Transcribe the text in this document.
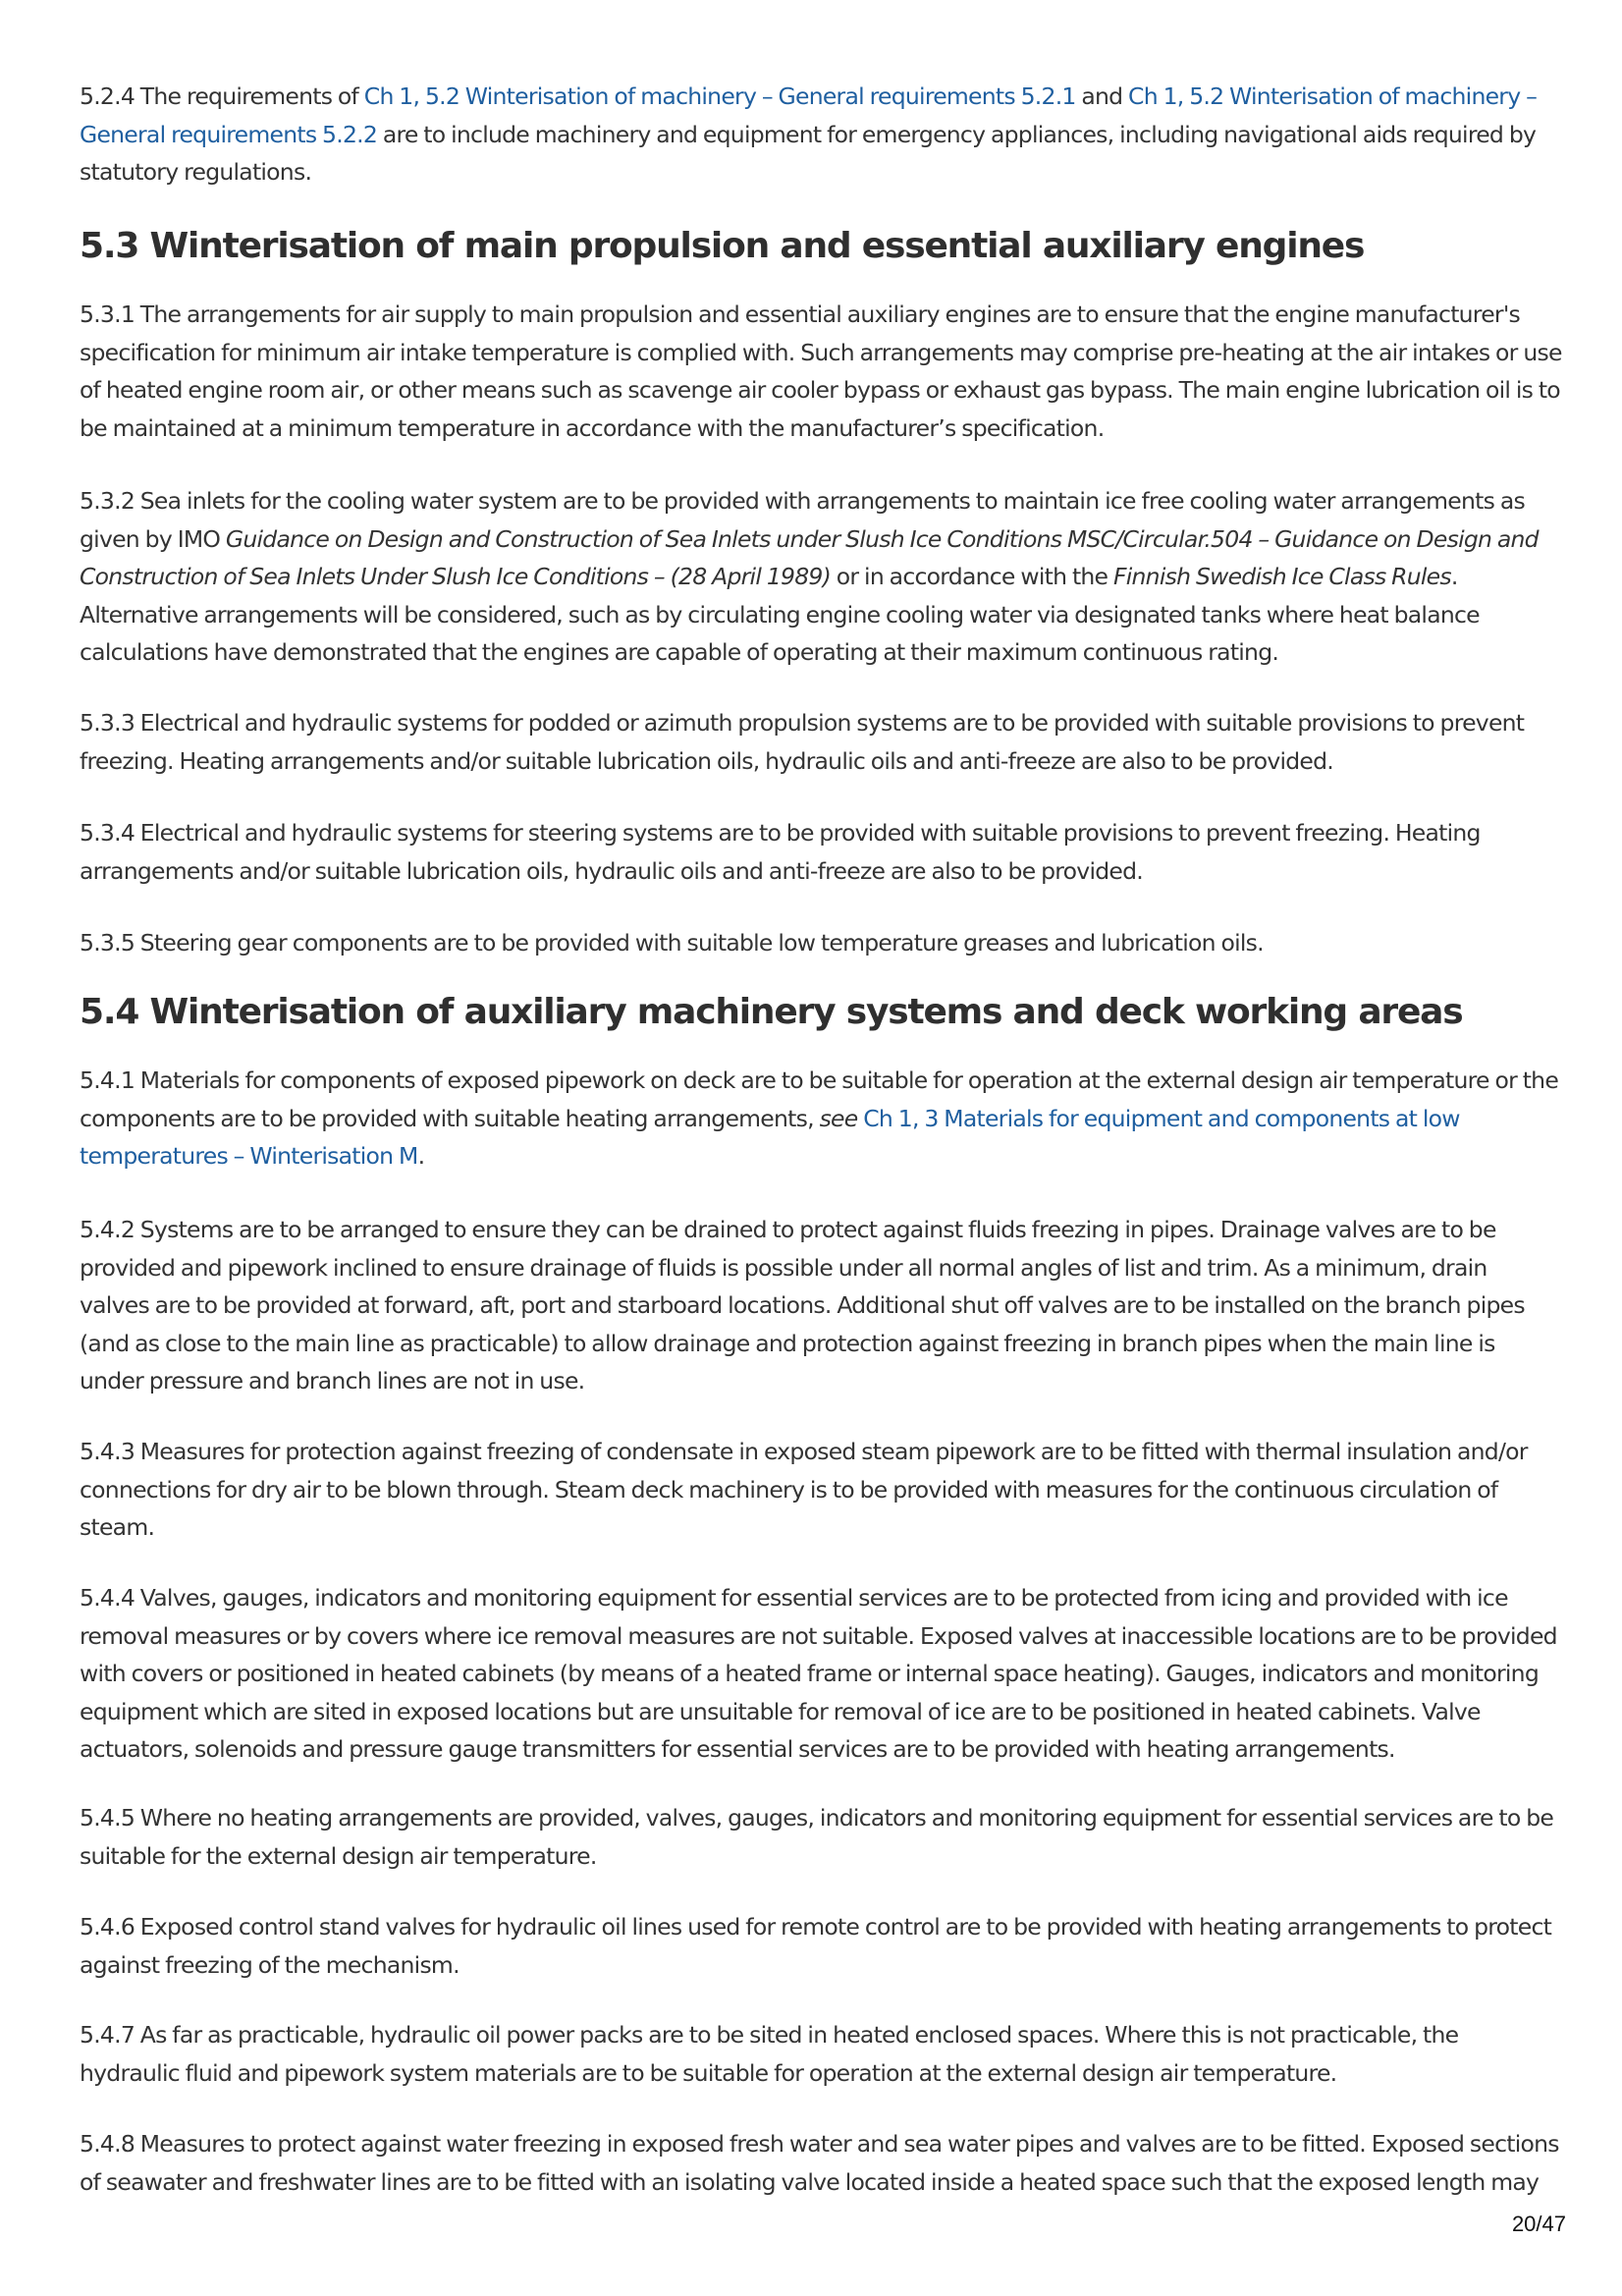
5.2.4 The requirements of Ch 1, 5.2 Winterisation of machinery – General requirements 5.2.1 and Ch 1, 5.2 Winterisation of machinery – General requirements 5.2.2 are to include machinery and equipment for emergency appliances, including navigational aids required by statutory regulations.

5.3 Winterisation of main propulsion and essential auxiliary engines

5.3.1 The arrangements for air supply to main propulsion and essential auxiliary engines are to ensure that the engine manufacturer's specification for minimum air intake temperature is complied with. Such arrangements may comprise pre-heating at the air intakes or use of heated engine room air, or other means such as scavenge air cooler bypass or exhaust gas bypass. The main engine lubrication oil is to be maintained at a minimum temperature in accordance with the manufacturer’s specification.

5.3.2 Sea inlets for the cooling water system are to be provided with arrangements to maintain ice free cooling water arrangements as given by IMO Guidance on Design and Construction of Sea Inlets under Slush Ice Conditions MSC/Circular.504 – Guidance on Design and Construction of Sea Inlets Under Slush Ice Conditions – (28 April 1989) or in accordance with the Finnish Swedish Ice Class Rules. Alternative arrangements will be considered, such as by circulating engine cooling water via designated tanks where heat balance calculations have demonstrated that the engines are capable of operating at their maximum continuous rating.

5.3.3 Electrical and hydraulic systems for podded or azimuth propulsion systems are to be provided with suitable provisions to prevent freezing. Heating arrangements and/or suitable lubrication oils, hydraulic oils and anti-freeze are also to be provided.

5.3.4 Electrical and hydraulic systems for steering systems are to be provided with suitable provisions to prevent freezing. Heating arrangements and/or suitable lubrication oils, hydraulic oils and anti-freeze are also to be provided.

5.3.5 Steering gear components are to be provided with suitable low temperature greases and lubrication oils.

5.4 Winterisation of auxiliary machinery systems and deck working areas

5.4.1 Materials for components of exposed pipework on deck are to be suitable for operation at the external design air temperature or the components are to be provided with suitable heating arrangements, see Ch 1, 3 Materials for equipment and components at low temperatures – Winterisation M.

5.4.2 Systems are to be arranged to ensure they can be drained to protect against fluids freezing in pipes. Drainage valves are to be provided and pipework inclined to ensure drainage of fluids is possible under all normal angles of list and trim. As a minimum, drain valves are to be provided at forward, aft, port and starboard locations. Additional shut off valves are to be installed on the branch pipes (and as close to the main line as practicable) to allow drainage and protection against freezing in branch pipes when the main line is under pressure and branch lines are not in use.

5.4.3 Measures for protection against freezing of condensate in exposed steam pipework are to be fitted with thermal insulation and/or connections for dry air to be blown through. Steam deck machinery is to be provided with measures for the continuous circulation of steam.

5.4.4 Valves, gauges, indicators and monitoring equipment for essential services are to be protected from icing and provided with ice removal measures or by covers where ice removal measures are not suitable. Exposed valves at inaccessible locations are to be provided with covers or positioned in heated cabinets (by means of a heated frame or internal space heating). Gauges, indicators and monitoring equipment which are sited in exposed locations but are unsuitable for removal of ice are to be positioned in heated cabinets. Valve actuators, solenoids and pressure gauge transmitters for essential services are to be provided with heating arrangements.

5.4.5 Where no heating arrangements are provided, valves, gauges, indicators and monitoring equipment for essential services are to be suitable for the external design air temperature.

5.4.6 Exposed control stand valves for hydraulic oil lines used for remote control are to be provided with heating arrangements to protect against freezing of the mechanism.

5.4.7 As far as practicable, hydraulic oil power packs are to be sited in heated enclosed spaces. Where this is not practicable, the hydraulic fluid and pipework system materials are to be suitable for operation at the external design air temperature.

5.4.8 Measures to protect against water freezing in exposed fresh water and sea water pipes and valves are to be fitted. Exposed sections of seawater and freshwater lines are to be fitted with an isolating valve located inside a heated space such that the exposed length may

20/47
